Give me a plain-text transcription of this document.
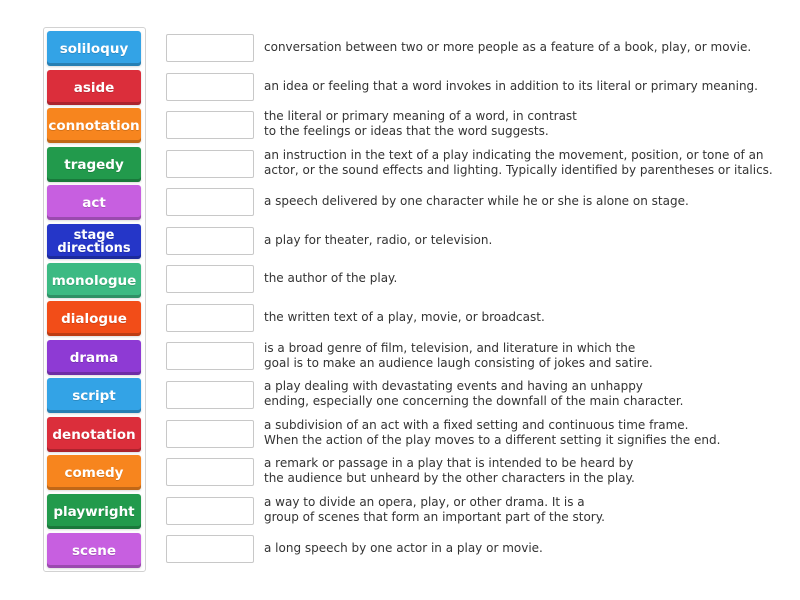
soliloquy
aside
connotation
tragedy
act
stage
directions
monologue
dialogue
drama
script
denotation
comedy
playwright
scene
conversation between two or more people as a feature of a book, play, or movie.
an idea or feeling that a word invokes in addition to its literal or primary meaning.
the literal or primary meaning of a word, in contrast
to the feelings or ideas that the word suggests.
an instruction in the text of a play indicating the movement, position, or tone of an
actor, or the sound effects and lighting. Typically identified by parentheses or italics.
a speech delivered by one character while he or she is alone on stage.
a play for theater, radio, or television.
the author of the play.
the written text of a play, movie, or broadcast.
is a broad genre of film, television, and literature in which the
goal is to make an audience laugh consisting of jokes and satire.
a play dealing with devastating events and having an unhappy
ending, especially one concerning the downfall of the main character.
a subdivision of an act with a fixed setting and continuous time frame.
When the action of the play moves to a different setting it signifies the end.
a remark or passage in a play that is intended to be heard by
the audience but unheard by the other characters in the play.
a way to divide an opera, play, or other drama. It is a
group of scenes that form an important part of the story.
a long speech by one actor in a play or movie.
